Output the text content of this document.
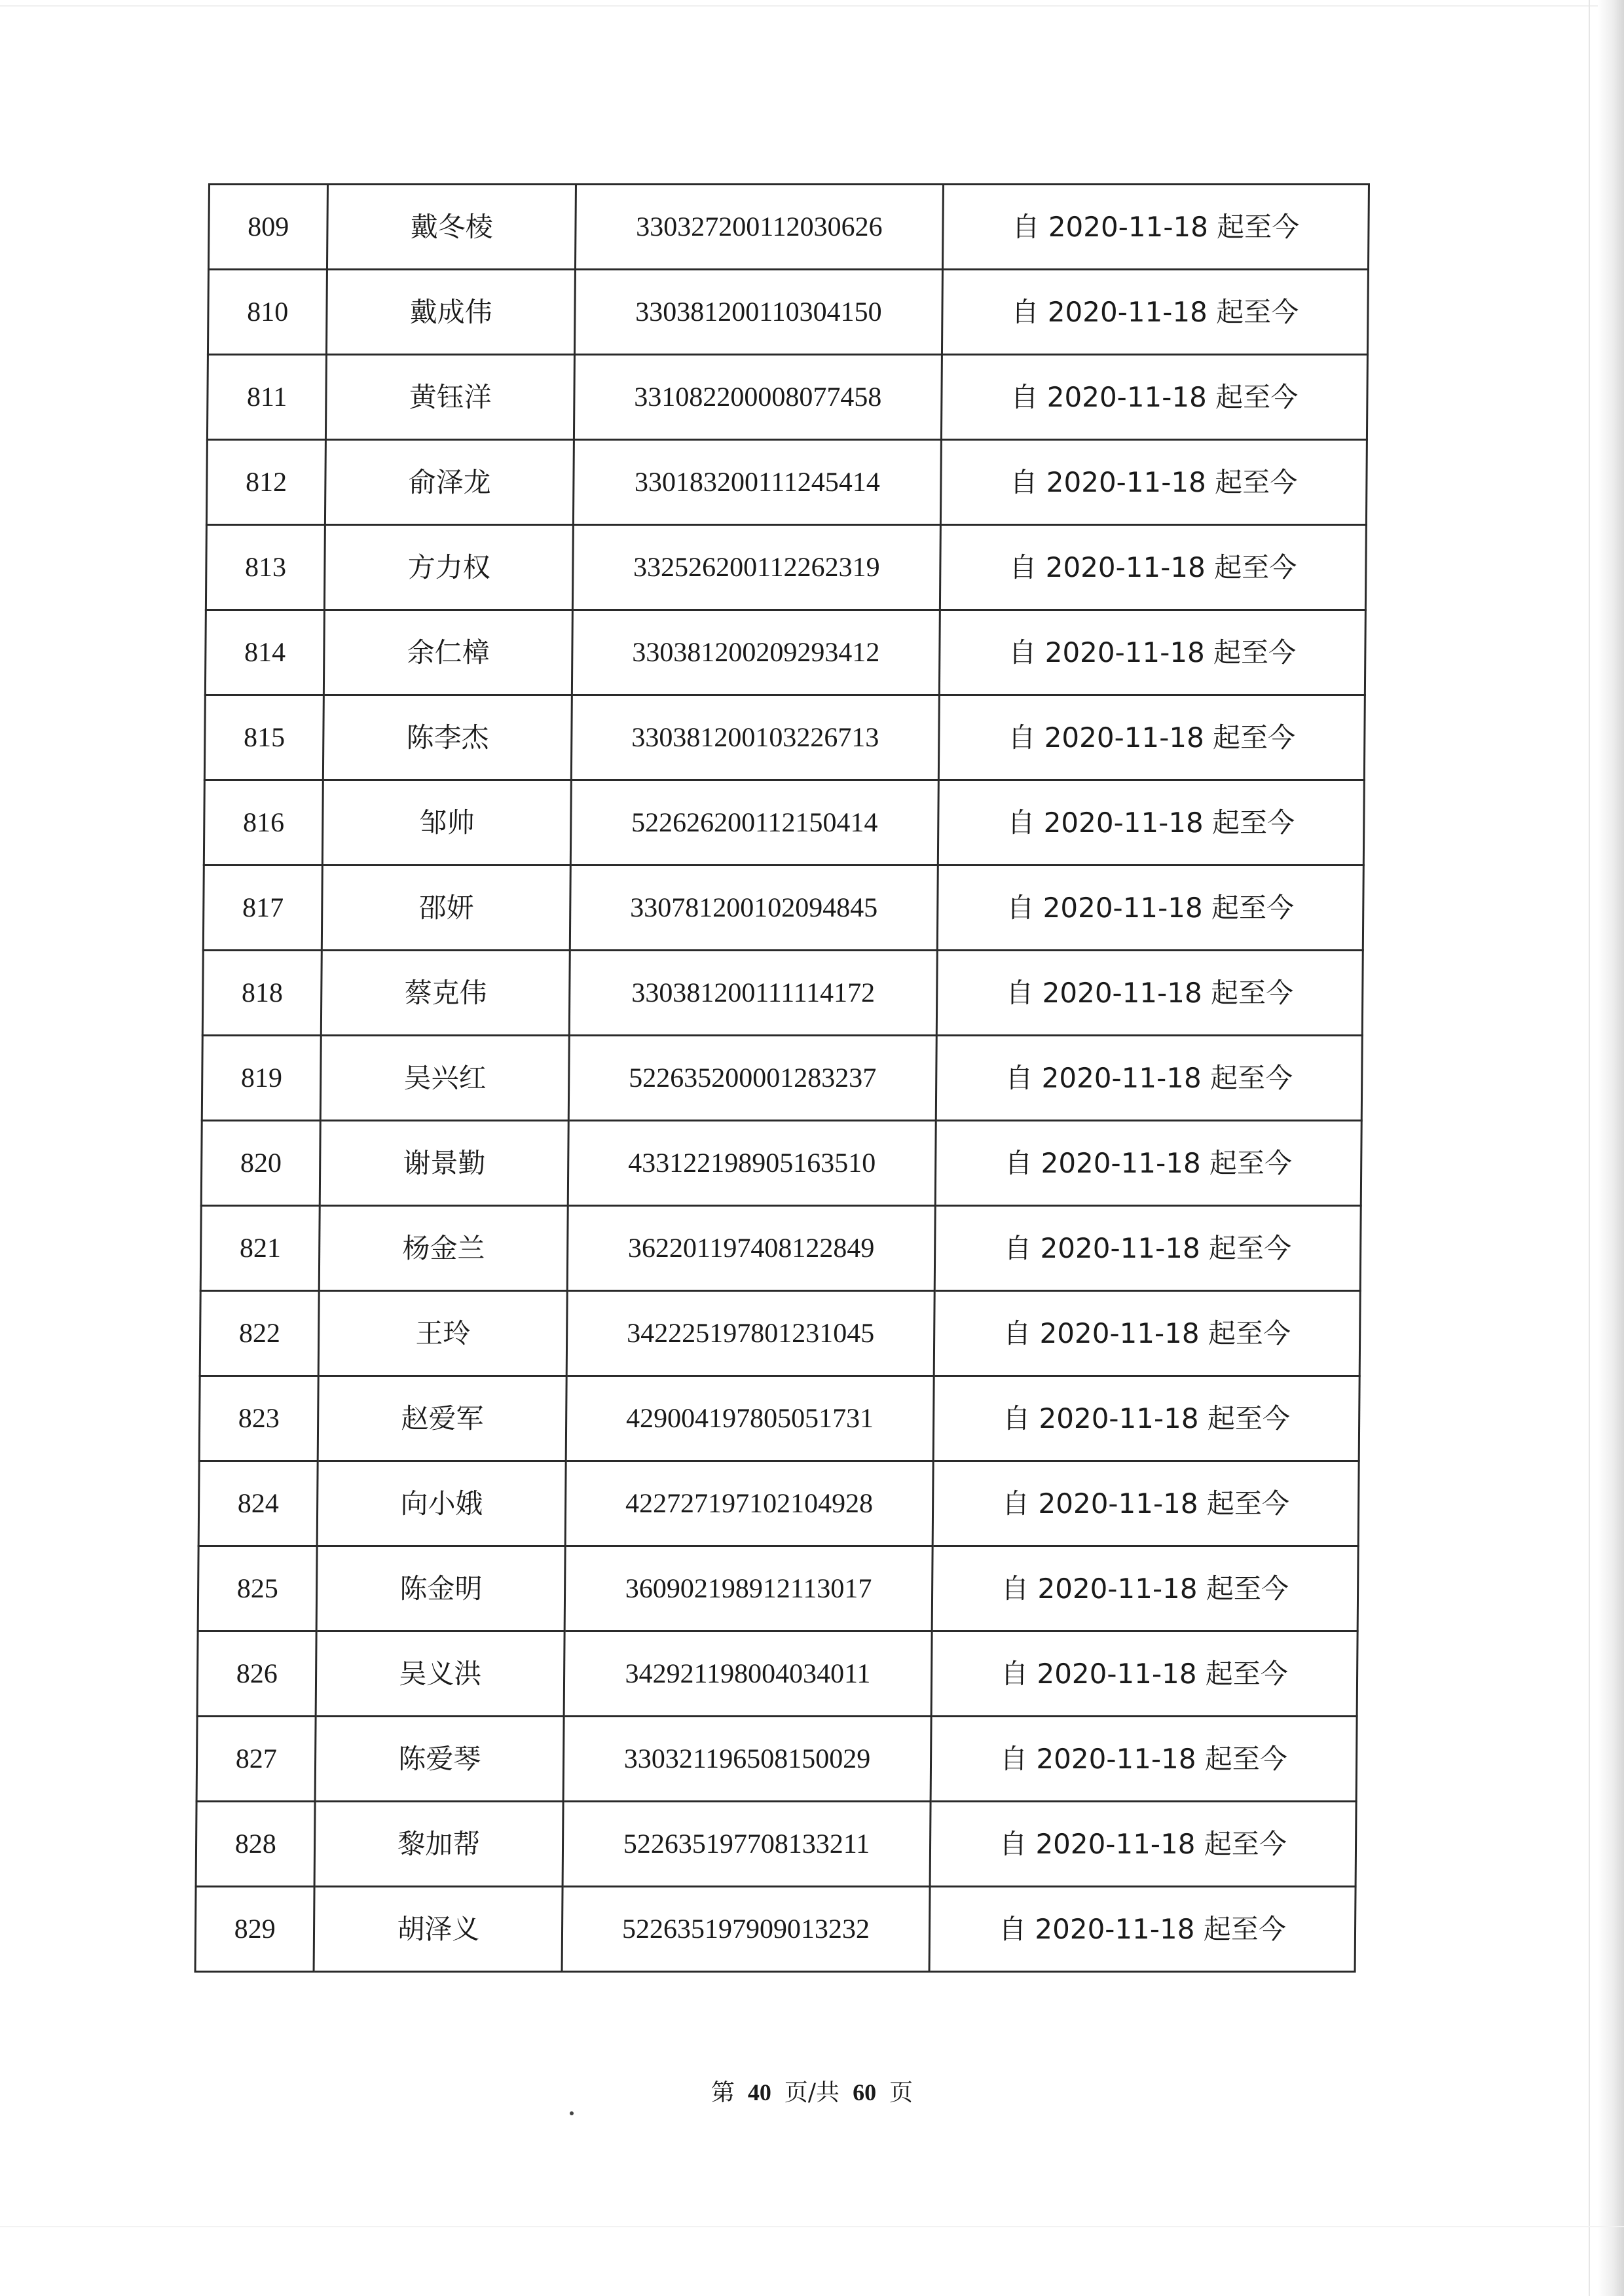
809	戴冬棱	330327200112030626	自 2020-11-18 起至今
810	戴成伟	330381200110304150	自 2020-11-18 起至今
811	黄钰洋	331082200008077458	自 2020-11-18 起至今
812	俞泽龙	330183200111245414	自 2020-11-18 起至今
813	方力权	332526200112262319	自 2020-11-18 起至今
814	余仁樟	330381200209293412	自 2020-11-18 起至今
815	陈李杰	330381200103226713	自 2020-11-18 起至今
816	邹帅	522626200112150414	自 2020-11-18 起至今
817	邵妍	330781200102094845	自 2020-11-18 起至今
818	蔡克伟	330381200111114172	自 2020-11-18 起至今
819	吴兴红	522635200001283237	自 2020-11-18 起至今
820	谢景勤	433122198905163510	自 2020-11-18 起至今
821	杨金兰	362201197408122849	自 2020-11-18 起至今
822	王玲	342225197801231045	自 2020-11-18 起至今
823	赵爱军	429004197805051731	自 2020-11-18 起至今
824	向小娥	422727197102104928	自 2020-11-18 起至今
825	陈金明	360902198912113017	自 2020-11-18 起至今
826	吴义洪	342921198004034011	自 2020-11-18 起至今
827	陈爱琴	330321196508150029	自 2020-11-18 起至今
828	黎加帮	522635197708133211	自 2020-11-18 起至今
829	胡泽义	522635197909013232	自 2020-11-18 起至今
第 40 页/共 60 页
